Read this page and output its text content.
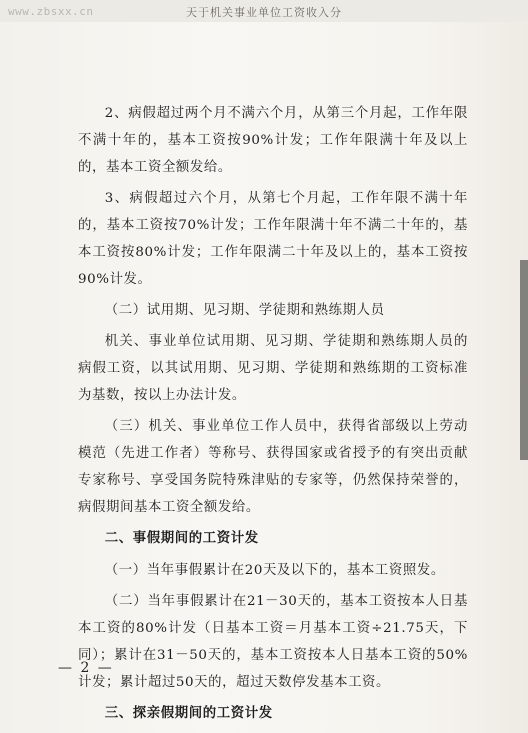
www.zbsxx.cn	天于机关事业单位工资收入分

2、病假超过两个月不满六个月，从第三个月起，工作年限不满十年的，基本工资按90%计发；工作年限满十年及以上的，基本工资全额发给。

3、病假超过六个月，从第七个月起，工作年限不满十年的，基本工资按70%计发；工作年限满十年不满二十年的，基本工资按80%计发；工作年限满二十年及以上的，基本工资按90%计发。

（二）试用期、见习期、学徒期和熟练期人员

机关、事业单位试用期、见习期、学徒期和熟练期人员的病假工资，以其试用期、见习期、学徒期和熟练期的工资标准为基数，按以上办法计发。

（三）机关、事业单位工作人员中，获得省部级以上劳动模范（先进工作者）等称号、获得国家或省授予的有突出贡献专家称号、享受国务院特殊津贴的专家等，仍然保持荣誉的，病假期间基本工资全额发给。

二、事假期间的工资计发

（一）当年事假累计在20天及以下的，基本工资照发。

（二）当年事假累计在21－30天的，基本工资按本人日基本工资的80%计发（日基本工资＝月基本工资÷21.75天，下同）；累计在31－50天的，基本工资按本人日基本工资的50%计发；累计超过50天的，超过天数停发基本工资。

三、探亲假期间的工资计发
— 2 —
